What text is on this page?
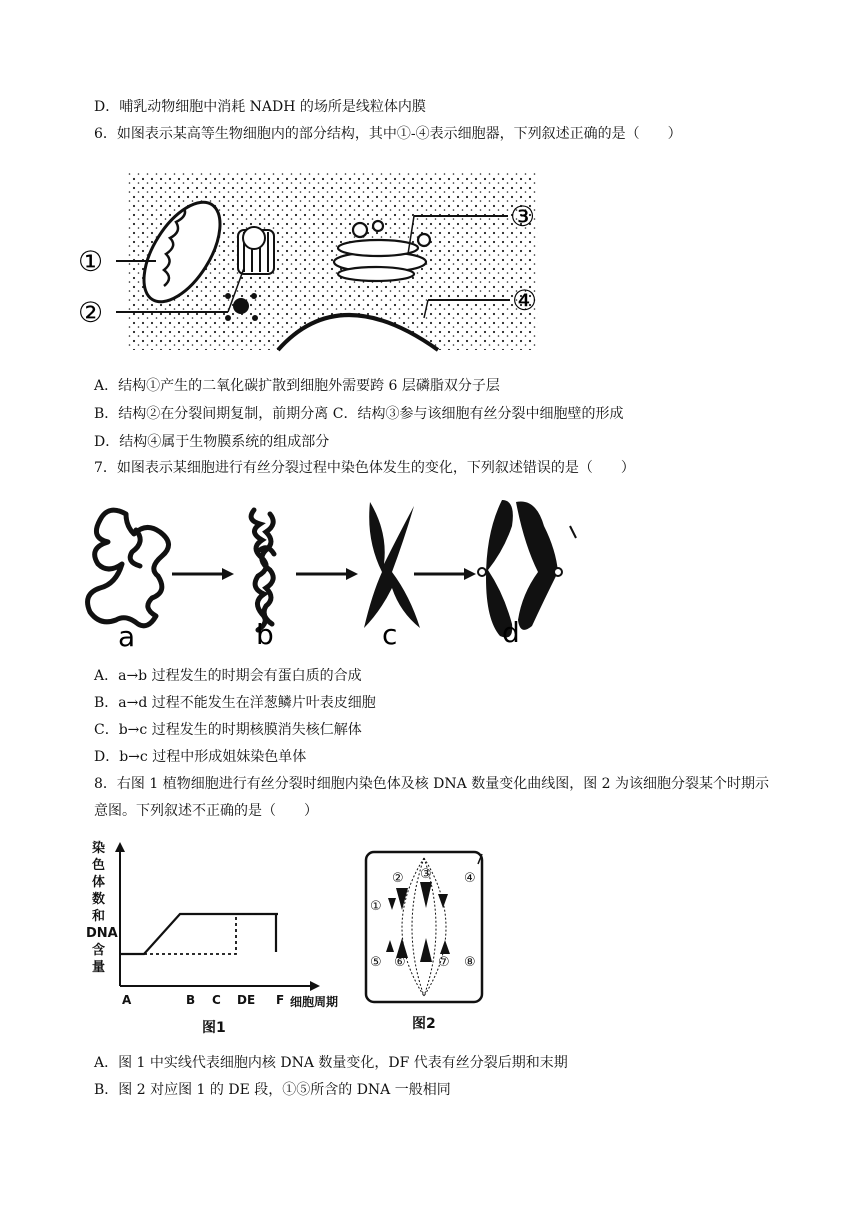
D．哺乳动物细胞中消耗 NADH 的场所是线粒体内膜
6．如图表示某高等生物细胞内的部分结构，其中①-④表示细胞器，下列叙述正确的是（　　）
①
②
③
④
A．结构①产生的二氧化碳扩散到细胞外需要跨 6 层磷脂双分子层
B．结构②在分裂间期复制，前期分离 C．结构③参与该细胞有丝分裂中细胞壁的形成
D．结构④属于生物膜系统的组成部分
7．如图表示某细胞进行有丝分裂过程中染色体发生的变化，下列叙述错误的是（　　）
a	b	c	d
A．a→b 过程发生的时期会有蛋白质的合成
B．a→d 过程不能发生在洋葱鳞片叶表皮细胞
C．b→c 过程发生的时期核膜消失核仁解体
D．b→c 过程中形成姐妹染色单体
8．右图 1 植物细胞进行有丝分裂时细胞内染色体及核 DNA 数量变化曲线图，图 2 为该细胞分裂某个时期示
意图。下列叙述不正确的是（　　）
染
色
体
数
和
DNA
含
量
A	B C D E F 细胞周期
图1
①
② ③ ④
⑤ ⑥ ⑦ ⑧
图2
A．图 1 中实线代表细胞内核 DNA 数量变化，DF 代表有丝分裂后期和末期
B．图 2 对应图 1 的 DE 段，①⑤所含的 DNA 一般相同
